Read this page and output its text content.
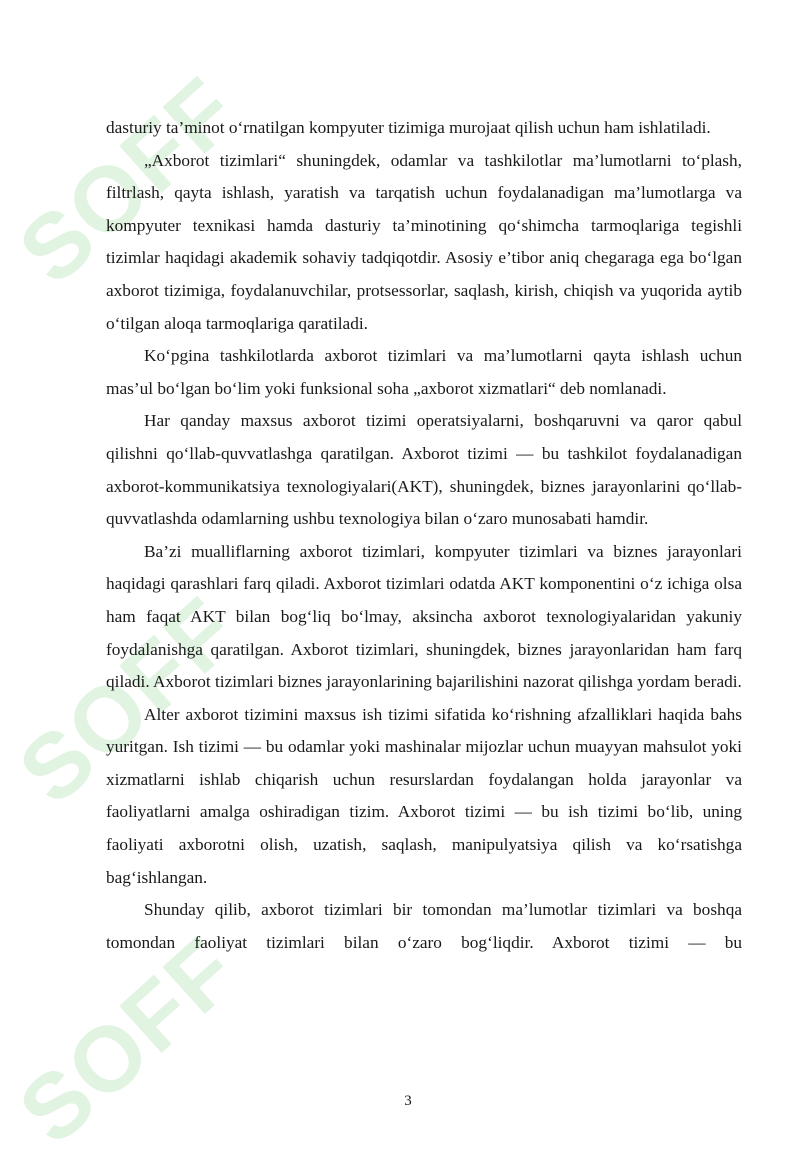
SOFF
SOFF
SOFF

dasturiy ta’minot o‘rnatilgan kompyuter tizimiga murojaat qilish uchun ham ishlatiladi.

„Axborot tizimlari“ shuningdek, odamlar va tashkilotlar ma’lumotlarni to‘plash, filtrlash, qayta ishlash, yaratish va tarqatish uchun foydalanadigan ma’lumotlarga va kompyuter texnikasi hamda dasturiy ta’minotining qo‘shimcha tarmoqlariga tegishli tizimlar haqidagi akademik sohaviy tadqiqotdir. Asosiy e’tibor aniq chegaraga ega bo‘lgan axborot tizimiga, foydalanuvchilar, protsessorlar, saqlash, kirish, chiqish va yuqorida aytib o‘tilgan aloqa tarmoqlariga qaratiladi.

Ko‘pgina tashkilotlarda axborot tizimlari va ma’lumotlarni qayta ishlash uchun mas’ul bo‘lgan bo‘lim yoki funksional soha „axborot xizmatlari“ deb nomlanadi.

Har qanday maxsus axborot tizimi operatsiyalarni, boshqaruvni va qaror qabul qilishni qo‘llab-quvvatlashga qaratilgan. Axborot tizimi — bu tashkilot foydalanadigan axborot-kommunikatsiya texnologiyalari(AKT), shuningdek, biznes jarayonlarini qo‘llab-quvvatlashda odamlarning ushbu texnologiya bilan o‘zaro munosabati hamdir.

Ba’zi mualliflarning axborot tizimlari, kompyuter tizimlari va biznes jarayonlari haqidagi qarashlari farq qiladi. Axborot tizimlari odatda AKT komponentini o‘z ichiga olsa ham faqat AKT bilan bog‘liq bo‘lmay, aksincha axborot texnologiyalaridan yakuniy foydalanishga qaratilgan. Axborot tizimlari, shuningdek, biznes jarayonlaridan ham farq qiladi. Axborot tizimlari biznes jarayonlarining bajarilishini nazorat qilishga yordam beradi.

Alter axborot tizimini maxsus ish tizimi sifatida ko‘rishning afzalliklari haqida bahs yuritgan. Ish tizimi — bu odamlar yoki mashinalar mijozlar uchun muayyan mahsulot yoki xizmatlarni ishlab chiqarish uchun resurslardan foydalangan holda jarayonlar va faoliyatlarni amalga oshiradigan tizim. Axborot tizimi — bu ish tizimi bo‘lib, uning faoliyati axborotni olish, uzatish, saqlash, manipulyatsiya qilish va ko‘rsatishga bag‘ishlangan.

Shunday qilib, axborot tizimlari bir tomondan ma’lumotlar tizimlari va boshqa tomondan faoliyat tizimlari bilan o‘zaro bog‘liqdir. Axborot tizimi — bu

3
